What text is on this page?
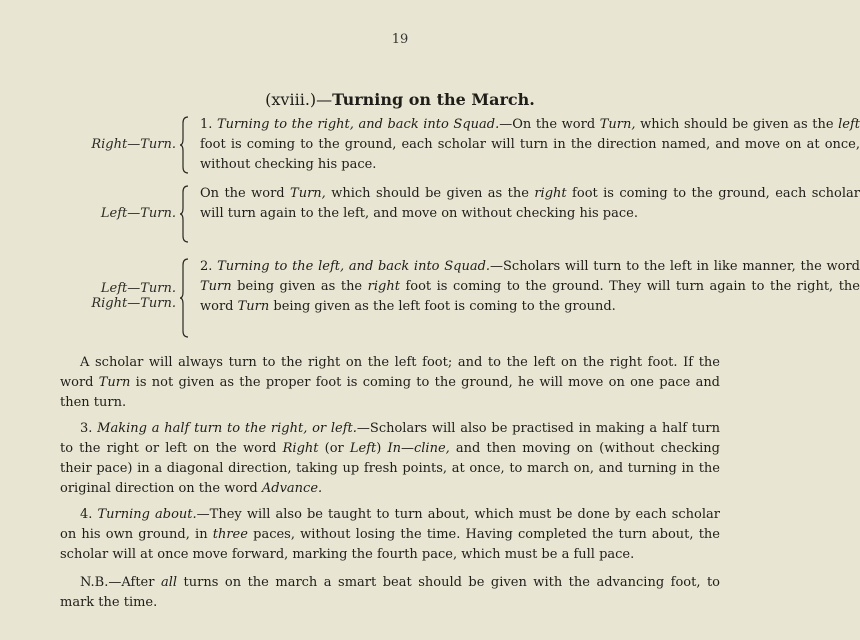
19
(xviii.)—Turning on the March.
Right—Turn.
1. Turning to the right, and back into Squad.—On the word Turn, which should be given as the left foot is coming to the ground, each scholar will turn in the direction named, and move on at once, without checking his pace.
Left—Turn.
On the word Turn, which should be given as the right foot is coming to the ground, each scholar will turn again to the left, and move on without checking his pace.
Left—Turn.
Right—Turn.
2. Turning to the left, and back into Squad.—Scholars will turn to the left in like manner, the word Turn being given as the right foot is coming to the ground. They will turn again to the right, the word Turn being given as the left foot is coming to the ground.
A scholar will always turn to the right on the left foot; and to the left on the right foot. If the word Turn is not given as the proper foot is coming to the ground, he will move on one pace and then turn.
3. Making a half turn to the right, or left.—Scholars will also be practised in making a half turn to the right or left on the word Right (or Left) In—cline, and then moving on (without checking their pace) in a diagonal direction, taking up fresh points, at once, to march on, and turning in the original direction on the word Advance.
4. Turning about.—They will also be taught to turn about, which must be done by each scholar on his own ground, in three paces, without losing the time. Having completed the turn about, the scholar will at once move forward, marking the fourth pace, which must be a full pace.
N.B.—After all turns on the march a smart beat should be given with the advancing foot, to mark the time.
